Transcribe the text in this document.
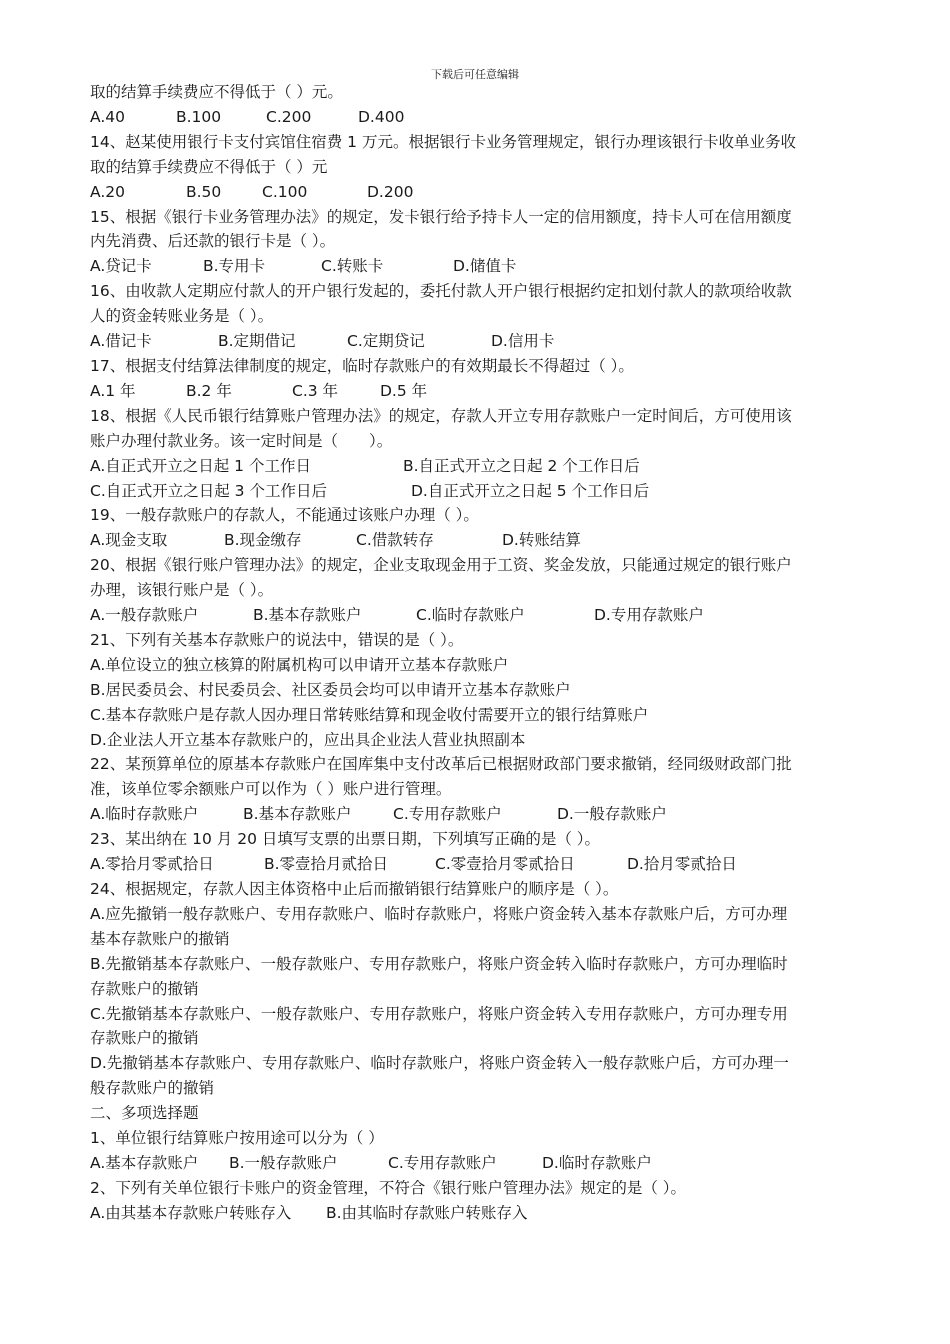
下载后可任意编辑
取的结算手续费应不得低于（ ）元。
A.40	B.100	C.200	D.400
14、赵某使用银行卡支付宾馆住宿费 1 万元。根据银行卡业务管理规定，银行办理该银行卡收单业务收
取的结算手续费应不得低于（ ）元
A.20	B.50	C.100	D.200
15、根据《银行卡业务管理办法》的规定，发卡银行给予持卡人一定的信用额度，持卡人可在信用额度
内先消费、后还款的银行卡是（ ）。
A.贷记卡	B.专用卡	C.转账卡	D.储值卡
16、由收款人定期应付款人的开户银行发起的，委托付款人开户银行根据约定扣划付款人的款项给收款
人的资金转账业务是（ ）。
A.借记卡	B.定期借记	C.定期贷记	D.信用卡
17、根据支付结算法律制度的规定，临时存款账户的有效期最长不得超过（ ）。
A.1 年	B.2 年	C.3 年	D.5 年
18、根据《人民币银行结算账户管理办法》的规定，存款人开立专用存款账户一定时间后，方可使用该
账户办理付款业务。该一定时间是（　　）。
A.自正式开立之日起 1 个工作日	B.自正式开立之日起 2 个工作日后
C.自正式开立之日起 3 个工作日后	D.自正式开立之日起 5 个工作日后
19、一般存款账户的存款人，不能通过该账户办理（ ）。
A.现金支取	B.现金缴存	C.借款转存	D.转账结算
20、根据《银行账户管理办法》的规定，企业支取现金用于工资、奖金发放，只能通过规定的银行账户
办理，该银行账户是（ ）。
A.一般存款账户	B.基本存款账户	C.临时存款账户	D.专用存款账户
21、下列有关基本存款账户的说法中，错误的是（ ）。
A.单位设立的独立核算的附属机构可以申请开立基本存款账户
B.居民委员会、村民委员会、社区委员会均可以申请开立基本存款账户
C.基本存款账户是存款人因办理日常转账结算和现金收付需要开立的银行结算账户
D.企业法人开立基本存款账户的，应出具企业法人营业执照副本
22、某预算单位的原基本存款账户在国库集中支付改革后已根据财政部门要求撤销，经同级财政部门批
准，该单位零余额账户可以作为（ ）账户进行管理。
A.临时存款账户	B.基本存款账户	C.专用存款账户	D.一般存款账户
23、某出纳在 10 月 20 日填写支票的出票日期，下列填写正确的是（ ）。
A.零拾月零贰拾日	B.零壹拾月贰拾日	C.零壹拾月零贰拾日	D.拾月零贰拾日
24、根据规定，存款人因主体资格中止后而撤销银行结算账户的顺序是（ ）。
A.应先撤销一般存款账户、专用存款账户、临时存款账户，将账户资金转入基本存款账户后，方可办理
基本存款账户的撤销
B.先撤销基本存款账户、一般存款账户、专用存款账户，将账户资金转入临时存款账户，方可办理临时
存款账户的撤销
C.先撤销基本存款账户、一般存款账户、专用存款账户，将账户资金转入专用存款账户，方可办理专用
存款账户的撤销
D.先撤销基本存款账户、专用存款账户、临时存款账户，将账户资金转入一般存款账户后，方可办理一
般存款账户的撤销
二、多项选择题
1、单位银行结算账户按用途可以分为（ ）
A.基本存款账户	B.一般存款账户	C.专用存款账户	D.临时存款账户
2、下列有关单位银行卡账户的资金管理，不符合《银行账户管理办法》规定的是（ ）。
A.由其基本存款账户转账存入	B.由其临时存款账户转账存入
